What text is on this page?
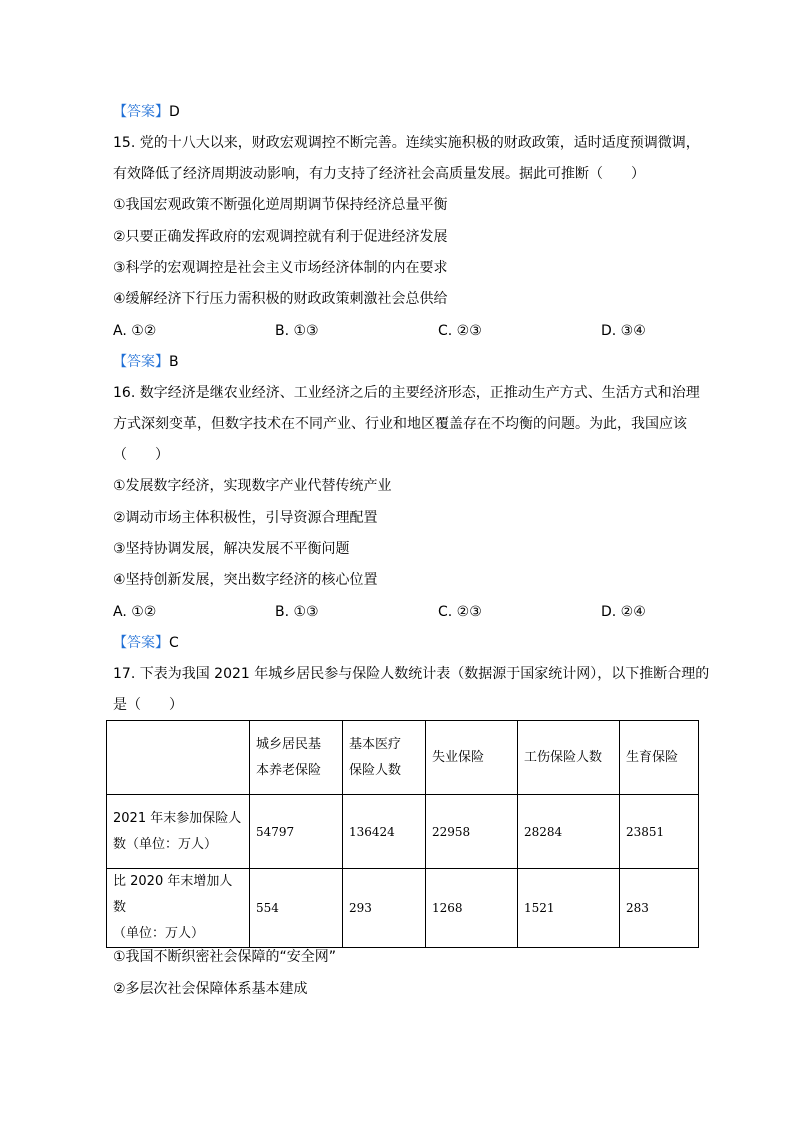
【答案】D
15. 党的十八大以来，财政宏观调控不断完善。连续实施积极的财政政策，适时适度预调微调，
有效降低了经济周期波动影响，有力支持了经济社会高质量发展。据此可推断（　　）
①我国宏观政策不断强化逆周期调节保持经济总量平衡
②只要正确发挥政府的宏观调控就有利于促进经济发展
③科学的宏观调控是社会主义市场经济体制的内在要求
④缓解经济下行压力需积极的财政政策刺激社会总供给
A. ①②	B. ①③	C. ②③	D. ③④
【答案】B
16. 数字经济是继农业经济、工业经济之后的主要经济形态，正推动生产方式、生活方式和治理
方式深刻变革，但数字技术在不同产业、行业和地区覆盖存在不均衡的问题。为此，我国应该
（　　）
①发展数字经济，实现数字产业代替传统产业
②调动市场主体积极性，引导资源合理配置
③坚持协调发展，解决发展不平衡问题
④坚持创新发展，突出数字经济的核心位置
A. ①②	B. ①③	C. ②③	D. ②④
【答案】C
17. 下表为我国 2021 年城乡居民参与保险人数统计表（数据源于国家统计网），以下推断合理的
是（　　）
	城乡居民基
本养老保险	基本医疗
保险人数	失业保险	工伤保险人数	生育保险
2021 年末参加保险人
数（单位：万人）	54797	136424	22958	28284	23851
比 2020 年末增加人数
（单位：万人）	554	293	1268	1521	283
①我国不断织密社会保障的“安全网”
②多层次社会保障体系基本建成
